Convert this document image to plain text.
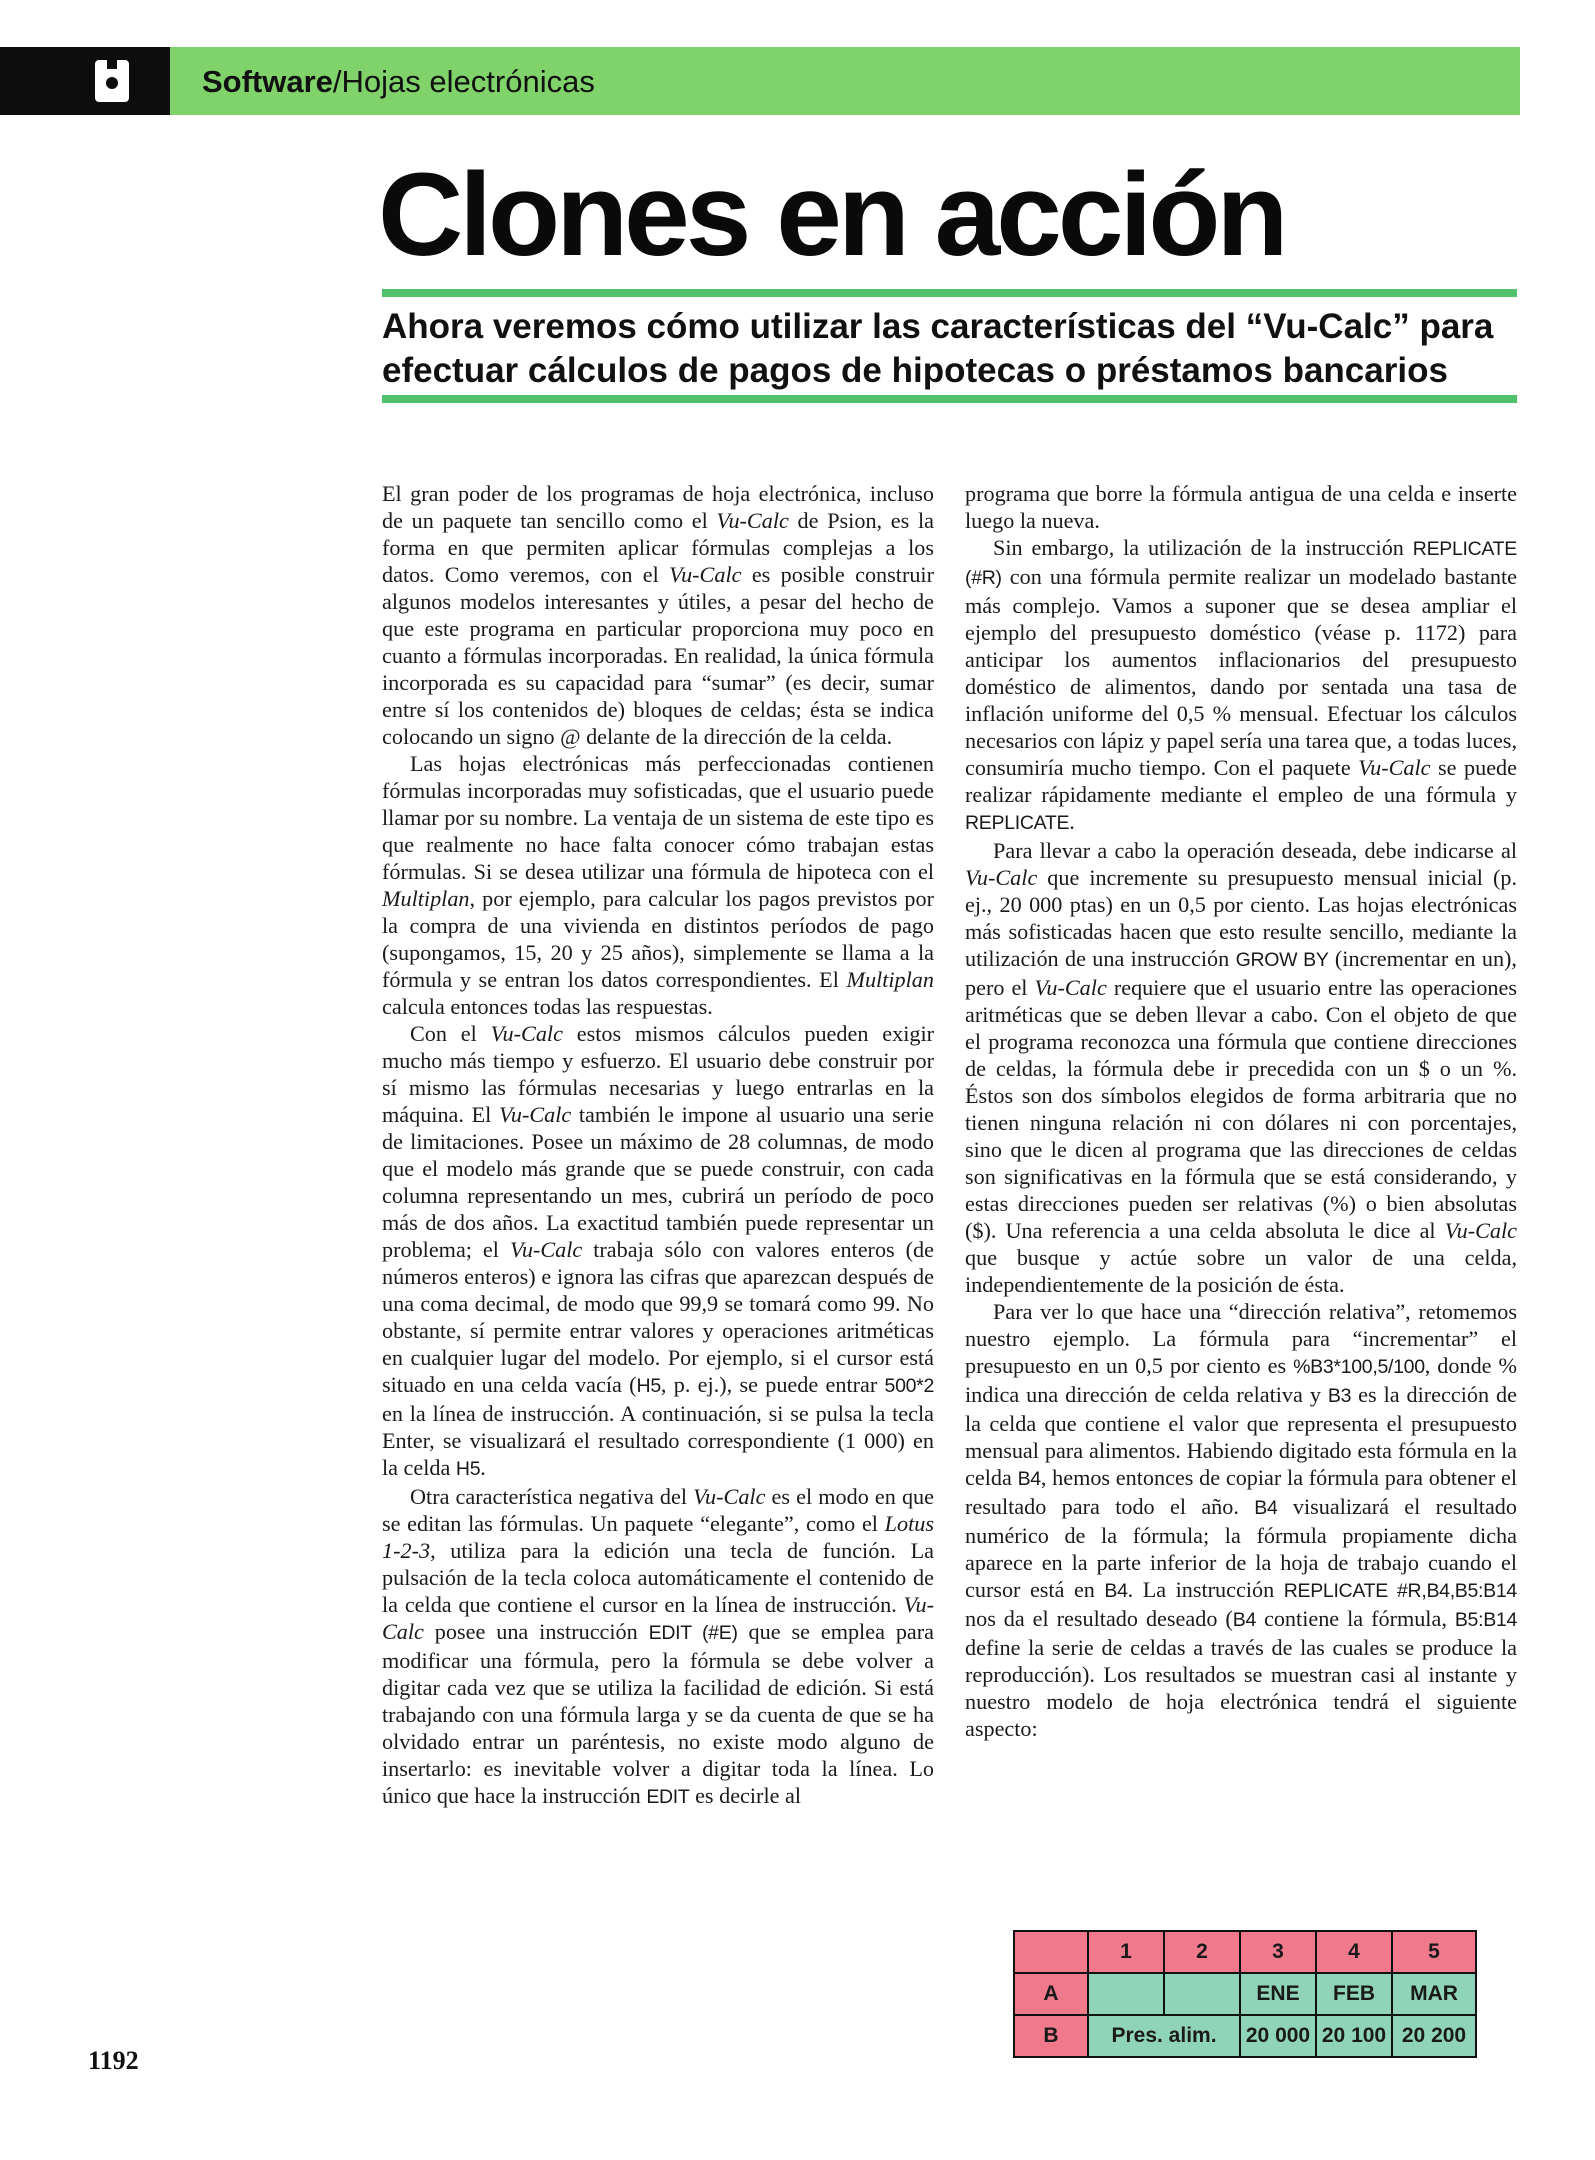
Software/Hojas electrónicas
Clones en acción
Ahora veremos cómo utilizar las características del “Vu-Calc” para efectuar cálculos de pagos de hipotecas o préstamos bancarios

El gran poder de los programas de hoja electrónica, incluso de un paquete tan sencillo como el Vu-Calc de Psion, es la forma en que permiten aplicar fórmulas complejas a los datos. Como veremos, con el Vu-Calc es posible construir algunos modelos interesantes y útiles, a pesar del hecho de que este programa en particular proporciona muy poco en cuanto a fórmulas incorporadas. En realidad, la única fórmula incorporada es su capacidad para “sumar” (es decir, sumar entre sí los contenidos de) bloques de celdas; ésta se indica colocando un signo @ delante de la dirección de la celda.

Las hojas electrónicas más perfeccionadas contienen fórmulas incorporadas muy sofisticadas, que el usuario puede llamar por su nombre. La ventaja de un sistema de este tipo es que realmente no hace falta conocer cómo trabajan estas fórmulas. Si se desea utilizar una fórmula de hipoteca con el Multiplan, por ejemplo, para calcular los pagos previstos por la compra de una vivienda en distintos períodos de pago (supongamos, 15, 20 y 25 años), simplemente se llama a la fórmula y se entran los datos correspondientes. El Multiplan calcula entonces todas las respuestas.

Con el Vu-Calc estos mismos cálculos pueden exigir mucho más tiempo y esfuerzo. El usuario debe construir por sí mismo las fórmulas necesarias y luego entrarlas en la máquina. El Vu-Calc también le impone al usuario una serie de limitaciones. Posee un máximo de 28 columnas, de modo que el modelo más grande que se puede construir, con cada columna representando un mes, cubrirá un período de poco más de dos años. La exactitud también puede representar un problema; el Vu-Calc trabaja sólo con valores enteros (de números enteros) e ignora las cifras que aparezcan después de una coma decimal, de modo que 99,9 se tomará como 99. No obstante, sí permite entrar valores y operaciones aritméticas en cualquier lugar del modelo. Por ejemplo, si el cursor está situado en una celda vacía (H5, p. ej.), se puede entrar 500*2 en la línea de instrucción. A continuación, si se pulsa la tecla Enter, se visualizará el resultado correspondiente (1 000) en la celda H5.

Otra característica negativa del Vu-Calc es el modo en que se editan las fórmulas. Un paquete “elegante”, como el Lotus 1-2-3, utiliza para la edición una tecla de función. La pulsación de la tecla coloca automáticamente el contenido de la celda que contiene el cursor en la línea de instrucción. Vu-Calc posee una instrucción EDIT (#E) que se emplea para modificar una fórmula, pero la fórmula se debe volver a digitar cada vez que se utiliza la facilidad de edición. Si está trabajando con una fórmula larga y se da cuenta de que se ha olvidado entrar un paréntesis, no existe modo alguno de insertarlo: es inevitable volver a digitar toda la línea. Lo único que hace la instrucción EDIT es decirle al

programa que borre la fórmula antigua de una celda e inserte luego la nueva.

Sin embargo, la utilización de la instrucción REPLICATE (#R) con una fórmula permite realizar un modelado bastante más complejo. Vamos a suponer que se desea ampliar el ejemplo del presupuesto doméstico (véase p. 1172) para anticipar los aumentos inflacionarios del presupuesto doméstico de alimentos, dando por sentada una tasa de inflación uniforme del 0,5 % mensual. Efectuar los cálculos necesarios con lápiz y papel sería una tarea que, a todas luces, consumiría mucho tiempo. Con el paquete Vu-Calc se puede realizar rápidamente mediante el empleo de una fórmula y REPLICATE.

Para llevar a cabo la operación deseada, debe indicarse al Vu-Calc que incremente su presupuesto mensual inicial (p. ej., 20 000 ptas) en un 0,5 por ciento. Las hojas electrónicas más sofisticadas hacen que esto resulte sencillo, mediante la utilización de una instrucción GROW BY (incrementar en un), pero el Vu-Calc requiere que el usuario entre las operaciones aritméticas que se deben llevar a cabo. Con el objeto de que el programa reconozca una fórmula que contiene direcciones de celdas, la fórmula debe ir precedida con un $ o un %. Éstos son dos símbolos elegidos de forma arbitraria que no tienen ninguna relación ni con dólares ni con porcentajes, sino que le dicen al programa que las direcciones de celdas son significativas en la fórmula que se está considerando, y estas direcciones pueden ser relativas (%) o bien absolutas ($). Una referencia a una celda absoluta le dice al Vu-Calc que busque y actúe sobre un valor de una celda, independientemente de la posición de ésta.

Para ver lo que hace una “dirección relativa”, retomemos nuestro ejemplo. La fórmula para “incrementar” el presupuesto en un 0,5 por ciento es %B3*100,5/100, donde % indica una dirección de celda relativa y B3 es la dirección de la celda que contiene el valor que representa el presupuesto mensual para alimentos. Habiendo digitado esta fórmula en la celda B4, hemos entonces de copiar la fórmula para obtener el resultado para todo el año. B4 visualizará el resultado numérico de la fórmula; la fórmula propiamente dicha aparece en la parte inferior de la hoja de trabajo cuando el cursor está en B4. La instrucción REPLICATE #R,B4,B5:B14 nos da el resultado deseado (B4 contiene la fórmula, B5:B14 define la serie de celdas a través de las cuales se produce la reproducción). Los resultados se muestran casi al instante y nuestro modelo de hoja electrónica tendrá el siguiente aspecto:

	1	2	3	4	5
A			ENE	FEB	MAR
B	Pres. alim.		20 000	20 100	20 200
1192
